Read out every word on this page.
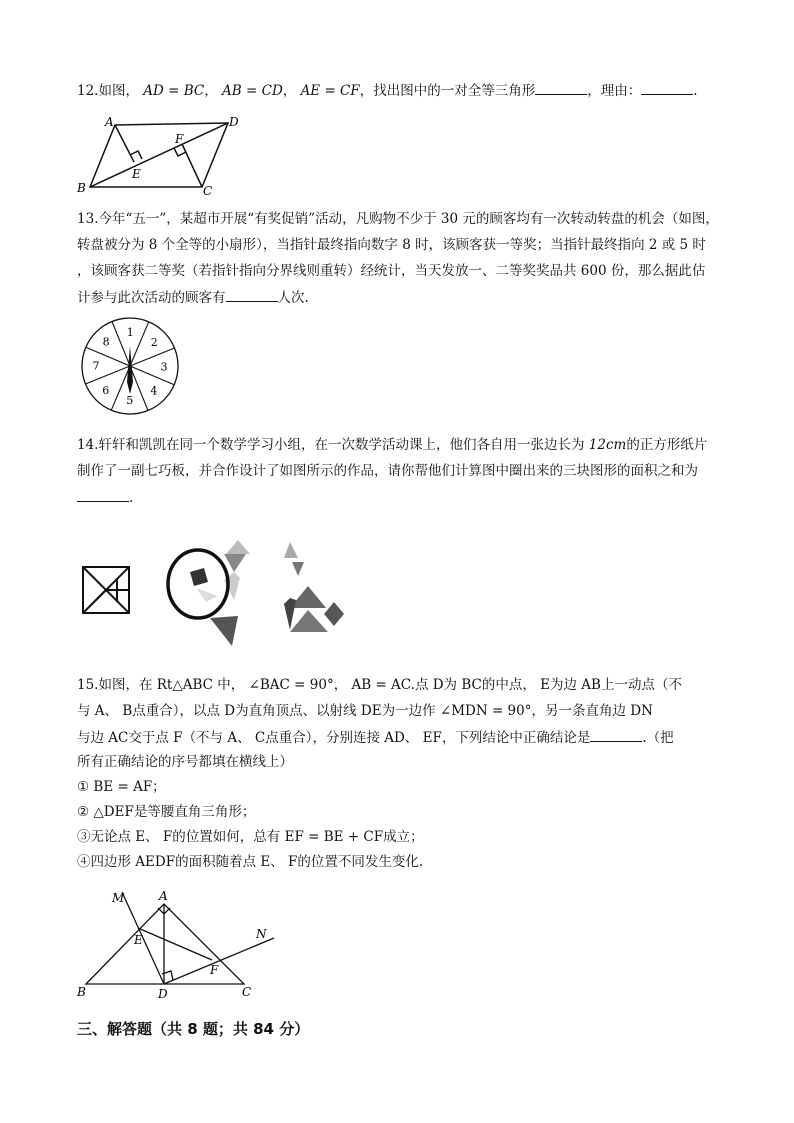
12.如图， AD = BC， AB = CD， AE = CF，找出图中的一对全等三角形	，理由：	.
A	D
B	C
E
F
13.今年“五一”，某超市开展“有奖促销”活动，凡购物不少于 30 元的顾客均有一次转动转盘的机会（如图，
转盘被分为 8 个全等的小扇形），当指针最终指向数字 8 时，该顾客获一等奖；当指针最终指向 2 或 5 时
，该顾客获二等奖（若指针指向分界线则重转）经统计，当天发放一、二等奖奖品共 600 份，那么据此估
计参与此次活动的顾客有	人次.
1
2
3
4
5
6
7
8
14.轩轩和凯凯在同一个数学学习小组，在一次数学活动课上，他们各自用一张边长为 12cm的正方形纸片
制作了一副七巧板，并合作设计了如图所示的作品，请你帮他们计算图中圈出来的三块图形的面积之和为
.
15.如图，在 Rt△ABC 中， ∠BAC = 90°， AB = AC.点 D为 BC的中点， E为边 AB上一动点（不
与 A、 B点重合），以点 D为直角顶点、以射线 DE为一边作 ∠MDN = 90°，另一条直角边 DN
与边 AC交于点 F（不与 A、 C点重合），分别连接 AD、 EF，下列结论中正确结论是	.（把
所有正确结论的序号都填在横线上）
① BE = AF；
② △DEF是等腰直角三角形；
③无论点 E、 F的位置如何，总有 EF = BE + CF成立；
④四边形 AEDF的面积随着点 E、 F的位置不同发生变化.
M	A
N
E
F
B	D	C
三、解答题（共 8 题；共 84 分）
